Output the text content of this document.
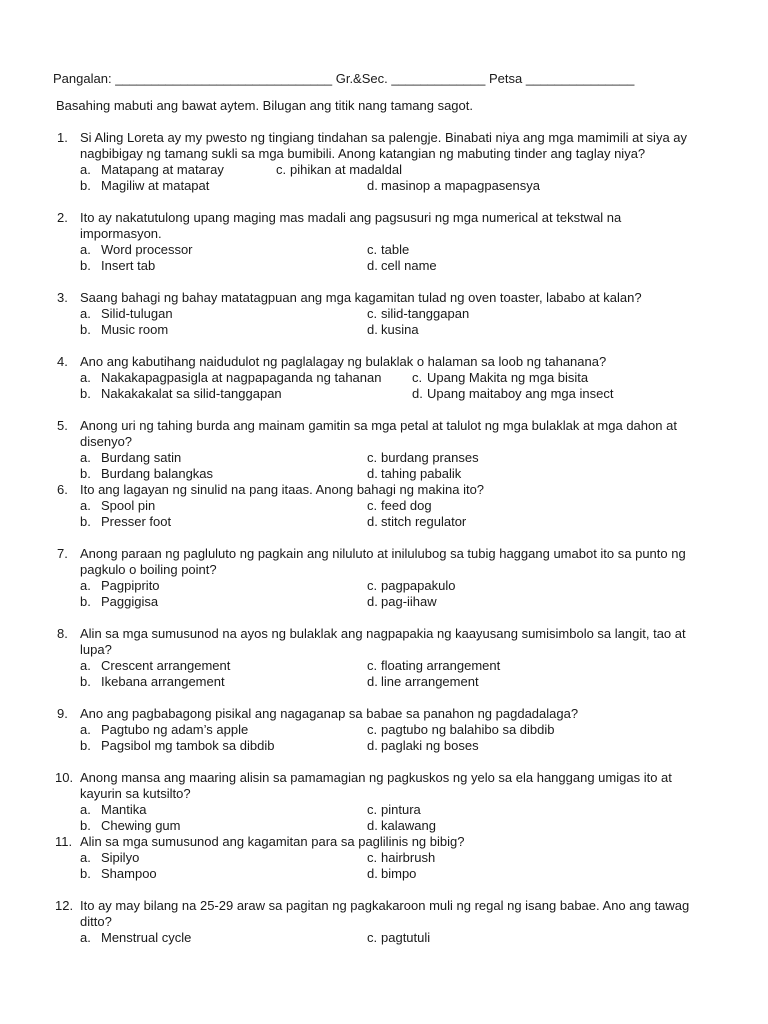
Pangalan: ______________________________ Gr.&Sec. _____________ Petsa _______________
Basahing mabuti ang bawat aytem. Bilugan ang titik nang tamang sagot.
1. Si Aling Loreta ay my pwesto ng tingiang tindahan sa palengje. Binabati niya ang mga mamimili at siya ay
nagbibigay ng tamang sukli sa mga bumibili. Anong katangian ng mabuting tinder ang taglay niya?
a. Matapang at mataray	c. pihikan at madaldal
b. Magiliw at matapat	d. masinop a mapagpasensya
2. Ito ay nakatutulong upang maging mas madali ang pagsusuri ng mga numerical at tekstwal na
impormasyon.
a. Word processor	c. table
b. Insert tab	d. cell name
3. Saang bahagi ng bahay matatagpuan ang mga kagamitan tulad ng oven toaster, lababo at kalan?
a. Silid-tulugan	c. silid-tanggapan
b. Music room	d. kusina
4. Ano ang kabutihang naidudulot ng paglalagay ng bulaklak o halaman sa loob ng tahanana?
a. Nakakapagpasigla at nagpapaganda ng tahanan c. Upang Makita ng mga bisita
b. Nakakakalat sa silid-tanggapan	d. Upang maitaboy ang mga insect
5. Anong uri ng tahing burda ang mainam gamitin sa mga petal at talulot ng mga bulaklak at mga dahon at
disenyo?
a. Burdang satin	c. burdang pranses
b. Burdang balangkas	d. tahing pabalik
6. Ito ang lagayan ng sinulid na pang itaas. Anong bahagi ng makina ito?
a. Spool pin	c. feed dog
b. Presser foot	d. stitch regulator
7. Anong paraan ng pagluluto ng pagkain ang niluluto at inilulubog sa tubig haggang umabot ito sa punto ng
pagkulo o boiling point?
a. Pagpiprito	c. pagpapakulo
b. Paggigisa	d. pag-iihaw
8. Alin sa mga sumusunod na ayos ng bulaklak ang nagpapakia ng kaayusang sumisimbolo sa langit, tao at
lupa?
a. Crescent arrangement	c. floating arrangement
b. Ikebana arrangement	d. line arrangement
9. Ano ang pagbabagong pisikal ang nagaganap sa babae sa panahon ng pagdadalaga?
a. Pagtubo ng adam’s apple	c. pagtubo ng balahibo sa dibdib
b. Pagsibol mg tambok sa dibdib	d. paglaki ng boses
10. Anong mansa ang maaring alisin sa pamamagian ng pagkuskos ng yelo sa ela hanggang umigas ito at
kayurin sa kutsilto?
a. Mantika	c. pintura
b. Chewing gum	d. kalawang
11. Alin sa mga sumusunod ang kagamitan para sa paglilinis ng bibig?
a. Sipilyo	c. hairbrush
b. Shampoo	d. bimpo
12. Ito ay may bilang na 25-29 araw sa pagitan ng pagkakaroon muli ng regal ng isang babae. Ano ang tawag
ditto?
a. Menstrual cycle	c. pagtutuli
